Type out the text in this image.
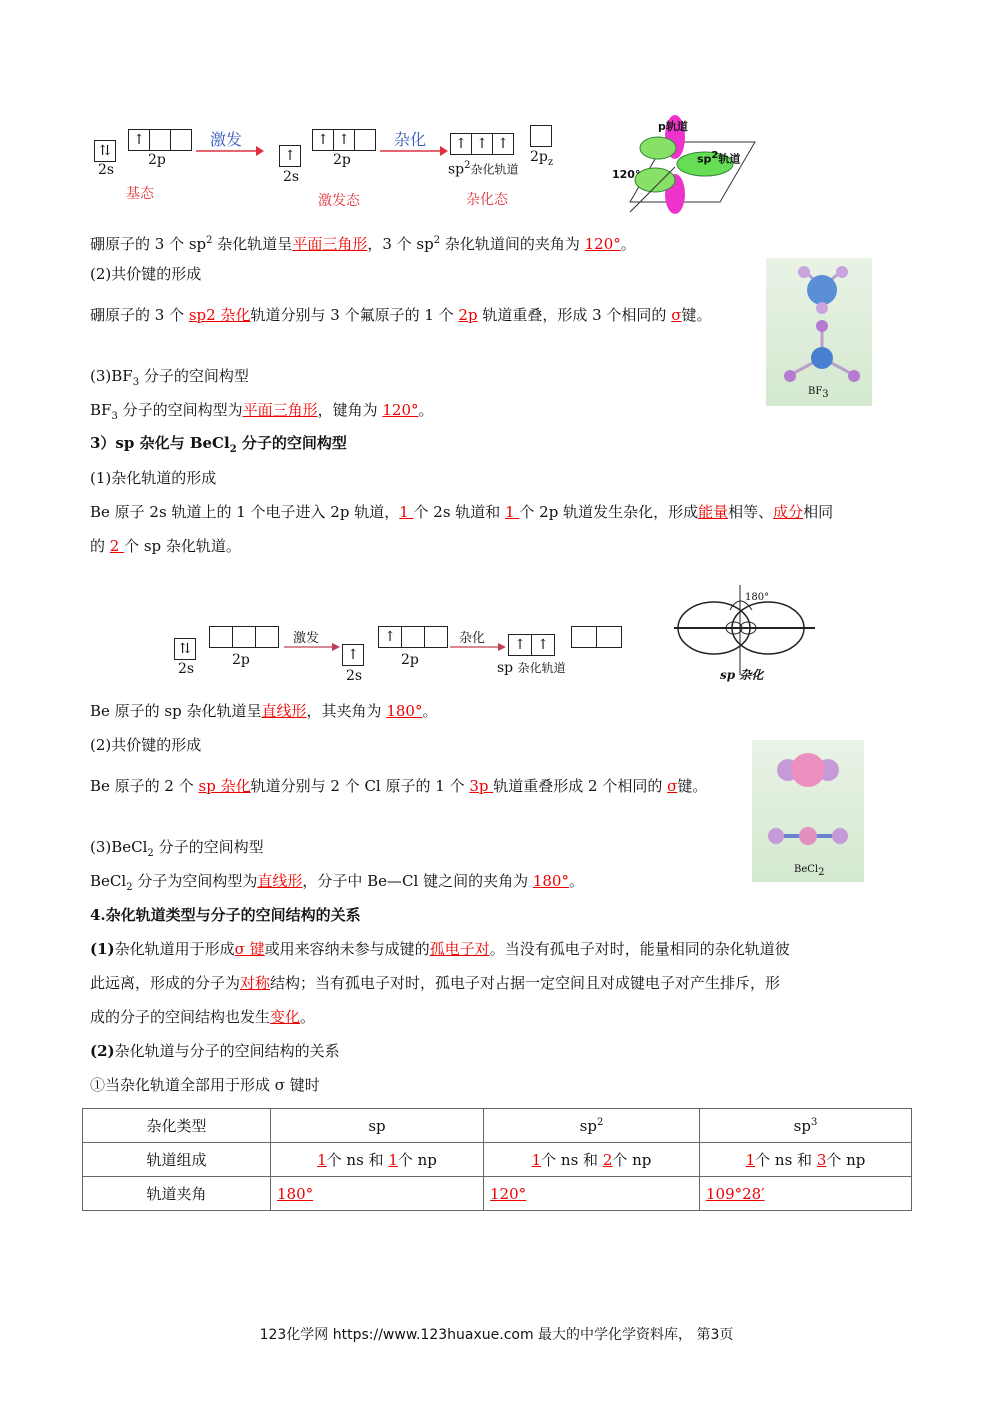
⇅
2s
↑
2p
激发
基态
↑
2s
↑ ↑
2p
杂化
激发态
↑ ↑ ↑
$sp^2$杂化轨道
$2p_z$
杂化态
p轨道
$sp^2$轨道
120°
硼原子的 3 个 $sp^2$ 杂化轨道呈平面三角形，3 个 $sp^2$ 杂化轨道间的夹角为 120°。
(2)共价键的形成
硼原子的 3 个 sp2 杂化轨道分别与 3 个氟原子的 1 个 2p 轨道重叠，形成 3 个相同的 σ键。
$(3)BF_3$ 分子的空间构型
$BF_3$ 分子的空间构型为平面三角形，键角为 120°。
$BF_3$
3）sp 杂化与 BeCl$_2$ 分子的空间构型
(1)杂化轨道的形成
Be 原子 2s 轨道上的 1 个电子进入 2p 轨道，1 个 2s 轨道和 1 个 2p 轨道发生杂化，形成能量相等、成分相同
的 2 个 sp 杂化轨道。
⇅
2s

2p
激发
↑
2s
↑
2p
杂化	↑ ↑
sp 杂化轨道
180°
sp 杂化
Be 原子的 sp 杂化轨道呈直线形，其夹角为 180°。
(2)共价键的形成
Be 原子的 2 个 sp 杂化轨道分别与 2 个 Cl 原子的 1 个 3p 轨道重叠形成 2 个相同的 σ键。
(3)BeCl$_2$ 分子的空间构型
BeCl$_2$ 分子为空间构型为直线形，分子中 Be—Cl 键之间的夹角为 180°。
BeCl$_2$
4.杂化轨道类型与分子的空间结构的关系
(1)杂化轨道用于形成σ 键或用来容纳未参与成键的孤电子对。当没有孤电子对时，能量相同的杂化轨道彼
此远离，形成的分子为对称结构；当有孤电子对时，孤电子对占据一定空间且对成键电子对产生排斥，形
成的分子的空间结构也发生变化。
(2)杂化轨道与分子的空间结构的关系
①当杂化轨道全部用于形成 σ 键时
杂化类型	sp	$sp^2$	$sp^3$
轨道组成	1个 ns 和 1个 np	1个 ns 和 2个 np	1个 ns 和 3个 np
轨道夹角	180°	120°	109°28′
123化学网 https://www.123huaxue.com 最大的中学化学资料库， 第3页
